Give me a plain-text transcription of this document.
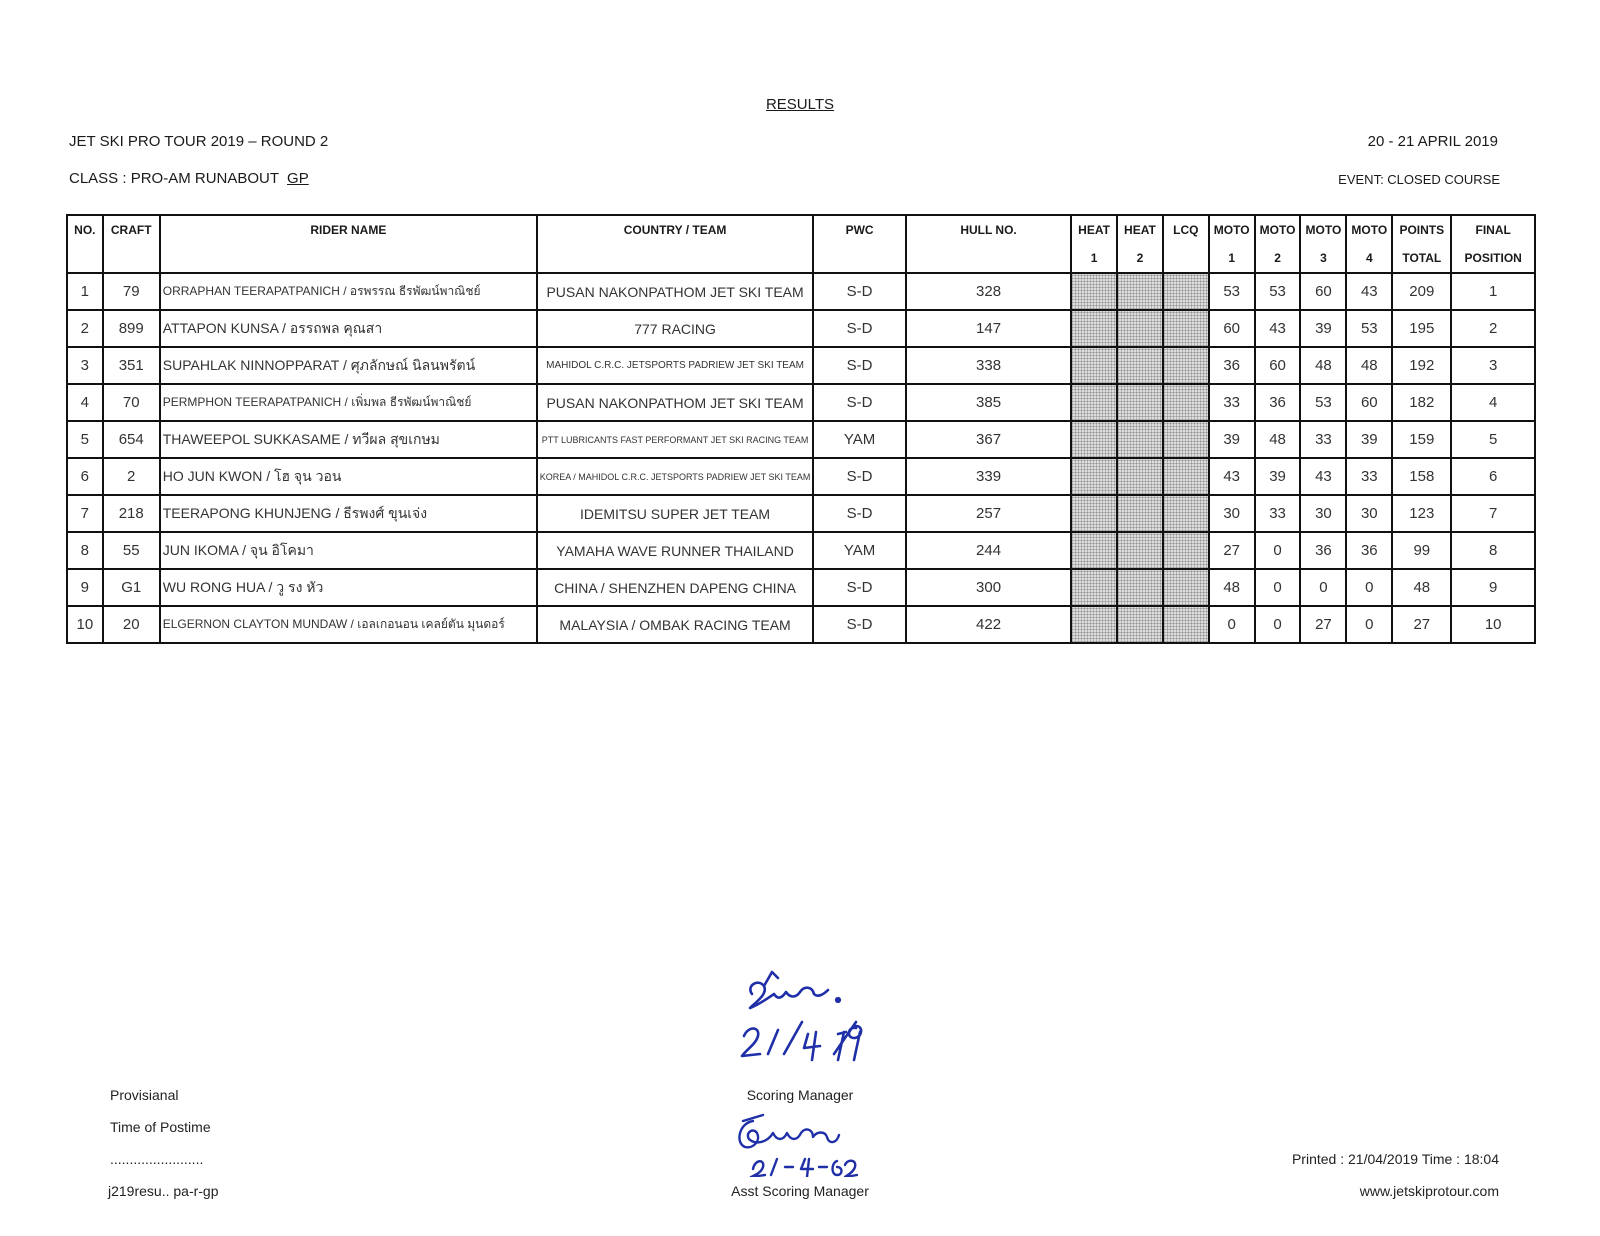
RESULTS
JET SKI PRO TOUR 2019 – ROUND 2	20 - 21 APRIL 2019
CLASS : PRO-AM RUNABOUT GP	EVENT: CLOSED COURSE
NO.	CRAFT	RIDER NAME	COUNTRY / TEAM	PWC	HULL NO.	HEAT	HEAT	LCQ	MOTO	MOTO	MOTO	MOTO	POINTS	FINAL
						1	2		1	2	3	4	TOTAL	POSITION
1	79	ORRAPHAN TEERAPATPANICH / อรพรรณ ธีรพัฒน์พาณิชย์	PUSAN NAKONPATHOM JET SKI TEAM	S-D	328				53	53	60	43	209	1
2	899	ATTAPON KUNSA / อรรถพล คุณสา	777 RACING	S-D	147				60	43	39	53	195	2
3	351	SUPAHLAK NINNOPPARAT / ศุภลักษณ์ นิลนพรัตน์	MAHIDOL C.R.C. JETSPORTS PADRIEW JET SKI TEAM	S-D	338				36	60	48	48	192	3
4	70	PERMPHON TEERAPATPANICH / เพิ่มพล ธีรพัฒน์พาณิชย์	PUSAN NAKONPATHOM JET SKI TEAM	S-D	385				33	36	53	60	182	4
5	654	THAWEEPOL SUKKASAME / ทวีผล สุขเกษม	PTT LUBRICANTS FAST PERFORMANT JET SKI RACING TEAM	YAM	367				39	48	33	39	159	5
6	2	HO JUN KWON / โฮ จุน วอน	KOREA / MAHIDOL C.R.C. JETSPORTS PADRIEW JET SKI TEAM	S-D	339				43	39	43	33	158	6
7	218	TEERAPONG KHUNJENG / ธีรพงศ์ ขุนเจ่ง	IDEMITSU SUPER JET TEAM	S-D	257				30	33	30	30	123	7
8	55	JUN IKOMA / จุน อิโคมา	YAMAHA WAVE RUNNER THAILAND	YAM	244				27	0	36	36	99	8
9	G1	WU RONG HUA / วู รง หัว	CHINA / SHENZHEN DAPENG CHINA	S-D	300				48	0	0	0	48	9
10	20	ELGERNON CLAYTON MUNDAW / เอลเกอนอน เคลย์ตัน มุนดอร์	MALAYSIA / OMBAK RACING TEAM	S-D	422				0	0	27	0	27	10
Provisianal
Time of Postime
........................
j219resu.. pa-r-gp
Scoring Manager
Asst Scoring Manager
Printed : 21/04/2019 Time : 18:04
www.jetskiprotour.com
